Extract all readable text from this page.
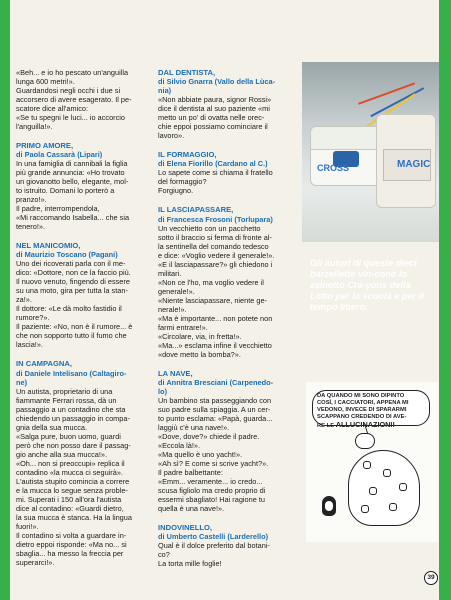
«Beh... e io ho pescato un'anguilla
lunga 600 metri!».
Guardandosi negli occhi i due si
accorsero di avere esagerato. Il pe-
scatore dice all'amico:
«Se tu spegni le luci... io accorcio
l'anguilla!».

PRIMO AMORE,
di Paola Cassarà (Lipari)

In una famiglia di cannibali la figlia
più grande annuncia: «Ho trovato
un giovanotto bello, elegante, mol-
to istruito. Domani lo porterò a
pranzo!».
Il padre, interrompendola,
«Mi raccomando Isabella... che sia
tenero!».

NEL MANICOMIO,
di Maurizio Toscano (Pagani)

Uno dei ricoverati parla con il me-
dico: «Dottore, non ce la faccio più.
Il nuovo venuto, fingendo di essere
su una moto, gira per tutta la stan-
za!».
Il dottore: «Le dà molto fastidio il
rumore?».
Il paziente: «No, non è il rumore... è
che non sopporto tutto il fumo che
lascia!».

IN CAMPAGNA,
di Daniele Intelisano (Caltagiro-
ne)

Un autista, proprietario di una
fiammante Ferrari rossa, dà un
passaggio a un contadino che sta
chiedendo un passaggio in compa-
gnia della sua mucca.
«Salga pure, buon uomo, guardi
però che non posso dare il passag-
gio anche alla sua mucca!».
«Oh... non si preoccupi» replica il
contadino «la mucca ci seguirà».
L'autista stupito comincia a correre
e la mucca lo segue senza proble-
mi. Superati i 150 all'ora l'autista
dice al contadino: «Guardi dietro,
la sua mucca è stanca. Ha la lingua
fuori!».
Il contadino si volta a guardare in-
dietro eppoi risponde: «Ma no... si
sbaglia... ha messo la freccia per
superarci!».

DAL DENTISTA,
di Silvio Gnarra (Vallo della Lùca-
nia)

«Non abbiate paura, signor Rossi»
dice il dentista al suo paziente «mi
metto un po' di ovatta nelle orec-
chie eppoi possiamo cominciare il
lavoro».

IL FORMAGGIO,
di Elena Fiorillo (Cardano al C.)

Lo sapete come si chiama il fratello
del formaggio?
Forgiugno.

IL LASCIAPASSARE,
di Francesca Frosoni (Torlupara)

Un vecchietto con un pacchetto
sotto il braccio si ferma di fronte al-
la sentinella del comando tedesco
e dice: «Voglio vedere il generale!».
«E il lasciapassare?» gli chiedono i
militari.
«Non ce l'ho, ma voglio vedere il
generale!».
«Niente lasciapassare, niente ge-
nerale!».
«Ma è importante... non potete non
farmi entrare!».
«Circolare, via, in fretta!».
«Ma...» esclama infine il vecchietto
«dove metto la bomba?».

LA NAVE,
di Annitra Bresciani (Carpenedo-
lo)

Un bambino sta passeggiando con
suo padre sulla spiaggia. A un cer-
to punto esclama: «Papà, guarda...
laggiù c'è una nave!».
«Dove, dove?» chiede il padre.
«Eccola là!».
«Ma quello è uno yacht!».
«Ah sì? E come si scrive yacht?».
Il padre balbettante:
«Emm... veramente... io credo...
scusa figliolo ma credo proprio di
essermi sbagliato! Hai ragione tu
quella è una nave!».

INDOVINELLO,
di Umberto Castelli (Larderello)

Qual è il dolce preferito dal botani-
co?
La torta mille foglie!

CROSS	MAGIC
Gli autori di queste dieci barzellette vin-cono lo zainetto Cra-yons della Lotto per la scuola e per il tempo libero.
DA QUANDO MI SONO DIPINTO
COSÌ, I CACCIATORI, APPENA MI
VEDONO, INVECE DI SPARARMI
SCAPPANO CREDENDO DI AVE-
RE LE ALLUCINAZIONI!
39
